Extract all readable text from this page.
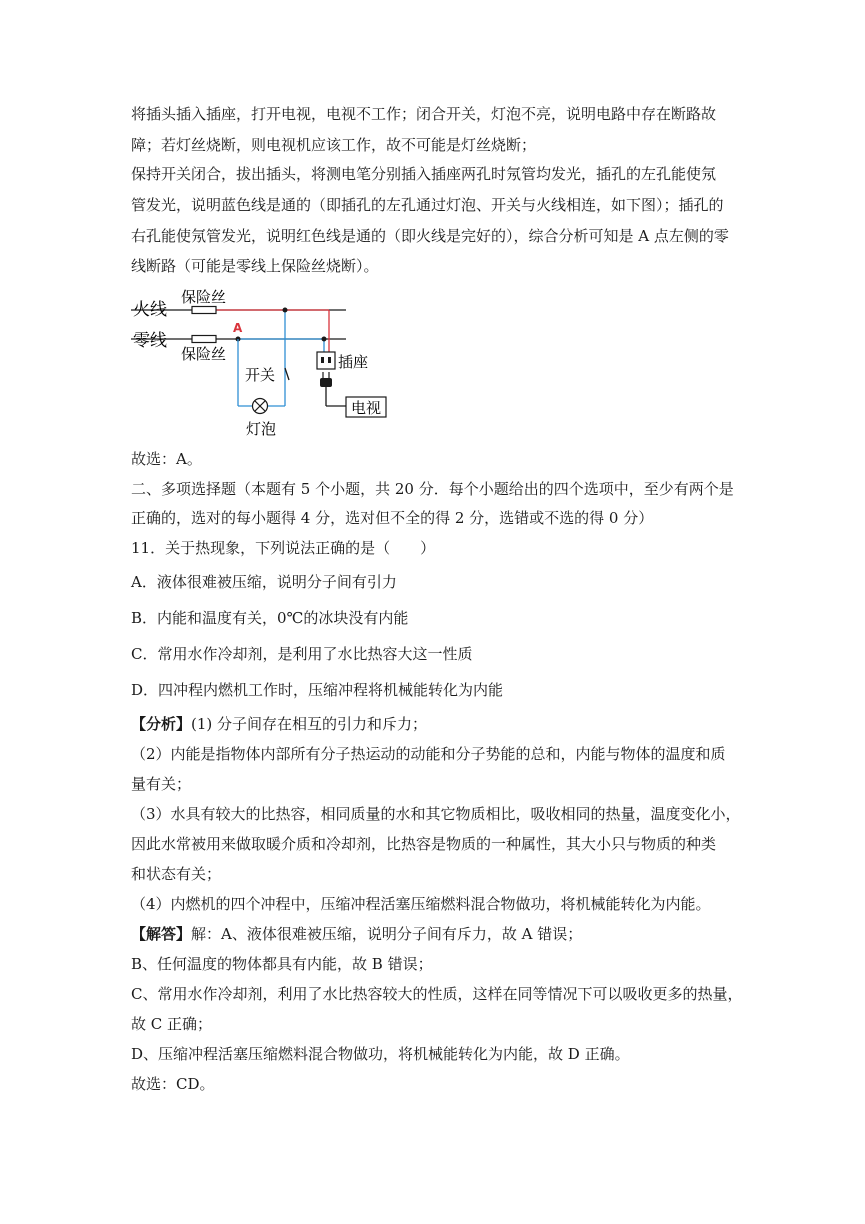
将插头插入插座，打开电视，电视不工作；闭合开关，灯泡不亮，说明电路中存在断路故
障；若灯丝烧断，则电视机应该工作，故不可能是灯丝烧断；
保持开关闭合，拔出插头，将测电笔分别插入插座两孔时氖管均发光，插孔的左孔能使氖
管发光，说明蓝色线是通的（即插孔的左孔通过灯泡、开关与火线相连，如下图）；插孔的
右孔能使氖管发光，说明红色线是通的（即火线是完好的），综合分析可知是 A 点左侧的零
线断路（可能是零线上保险丝烧断）。
火线
零线
保险丝
保险丝
A
开关
灯泡
插座
电视
故选：A。
二、多项选择题（本题有 5 个小题，共 20 分．每个小题给出的四个选项中，至少有两个是
正确的，选对的每小题得 4 分，选对但不全的得 2 分，选错或不选的得 0 分）
11．关于热现象，下列说法正确的是（　　）
A．液体很难被压缩，说明分子间有引力
B．内能和温度有关，0℃的冰块没有内能
C．常用水作冷却剂，是利用了水比热容大这一性质
D．四冲程内燃机工作时，压缩冲程将机械能转化为内能
【分析】(1) 分子间存在相互的引力和斥力；
（2）内能是指物体内部所有分子热运动的动能和分子势能的总和，内能与物体的温度和质
量有关；
（3）水具有较大的比热容，相同质量的水和其它物质相比，吸收相同的热量，温度变化小，
因此水常被用来做取暖介质和冷却剂，比热容是物质的一种属性，其大小只与物质的种类
和状态有关；
（4）内燃机的四个冲程中，压缩冲程活塞压缩燃料混合物做功，将机械能转化为内能。
【解答】解：A、液体很难被压缩，说明分子间有斥力，故 A 错误；
B、任何温度的物体都具有内能，故 B 错误；
C、常用水作冷却剂，利用了水比热容较大的性质，这样在同等情况下可以吸收更多的热量，
故 C 正确；
D、压缩冲程活塞压缩燃料混合物做功，将机械能转化为内能，故 D 正确。
故选：CD。
